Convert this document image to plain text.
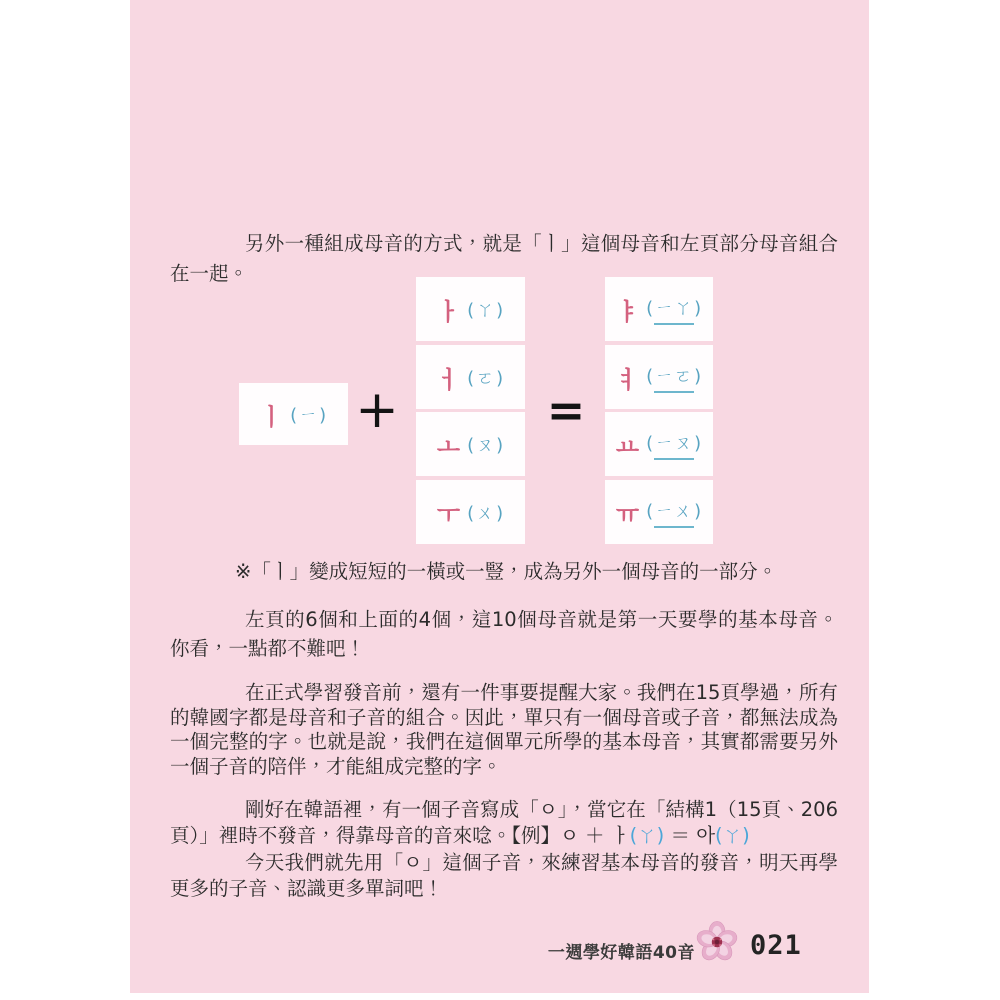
另外一種組成母音的方式，就是「ㅣ」這個母音和左頁部分母音組合在一起。

ㅣ ( ㄧ ) +
ㅏ ( ㄚ )
ㅓ ( ㄛ )
ㅗ ( ㄡ )
ㅜ ( ㄨ )
=
ㅑ ( ㄧㄚ )
ㅕ ( ㄧㄛ )
ㅛ ( ㄧㄡ )
ㅠ ( ㄧㄨ )

※「ㅣ」變成短短的一橫或一豎，成為另外一個母音的一部分。

左頁的6個和上面的4個，這10個母音就是第一天要學的基本母音。你看，一點都不難吧！

在正式學習發音前，還有一件事要提醒大家。我們在15頁學過，所有的韓國字都是母音和子音的組合。因此，單只有一個母音或子音，都無法成為一個完整的字。也就是說，我們在這個單元所學的基本母音，其實都需要另外一個子音的陪伴，才能組成完整的字。

剛好在韓語裡，有一個子音寫成「ㅇ」，當它在「結構1（15頁、206頁）」裡時不發音，得靠母音的音來唸。【例】ㅇ ＋ ㅏ(ㄚ) ＝ 아(ㄚ)

今天我們就先用「ㅇ」這個子音，來練習基本母音的發音，明天再學更多的子音、認識更多單詞吧！

一週學好韓語40音 021
